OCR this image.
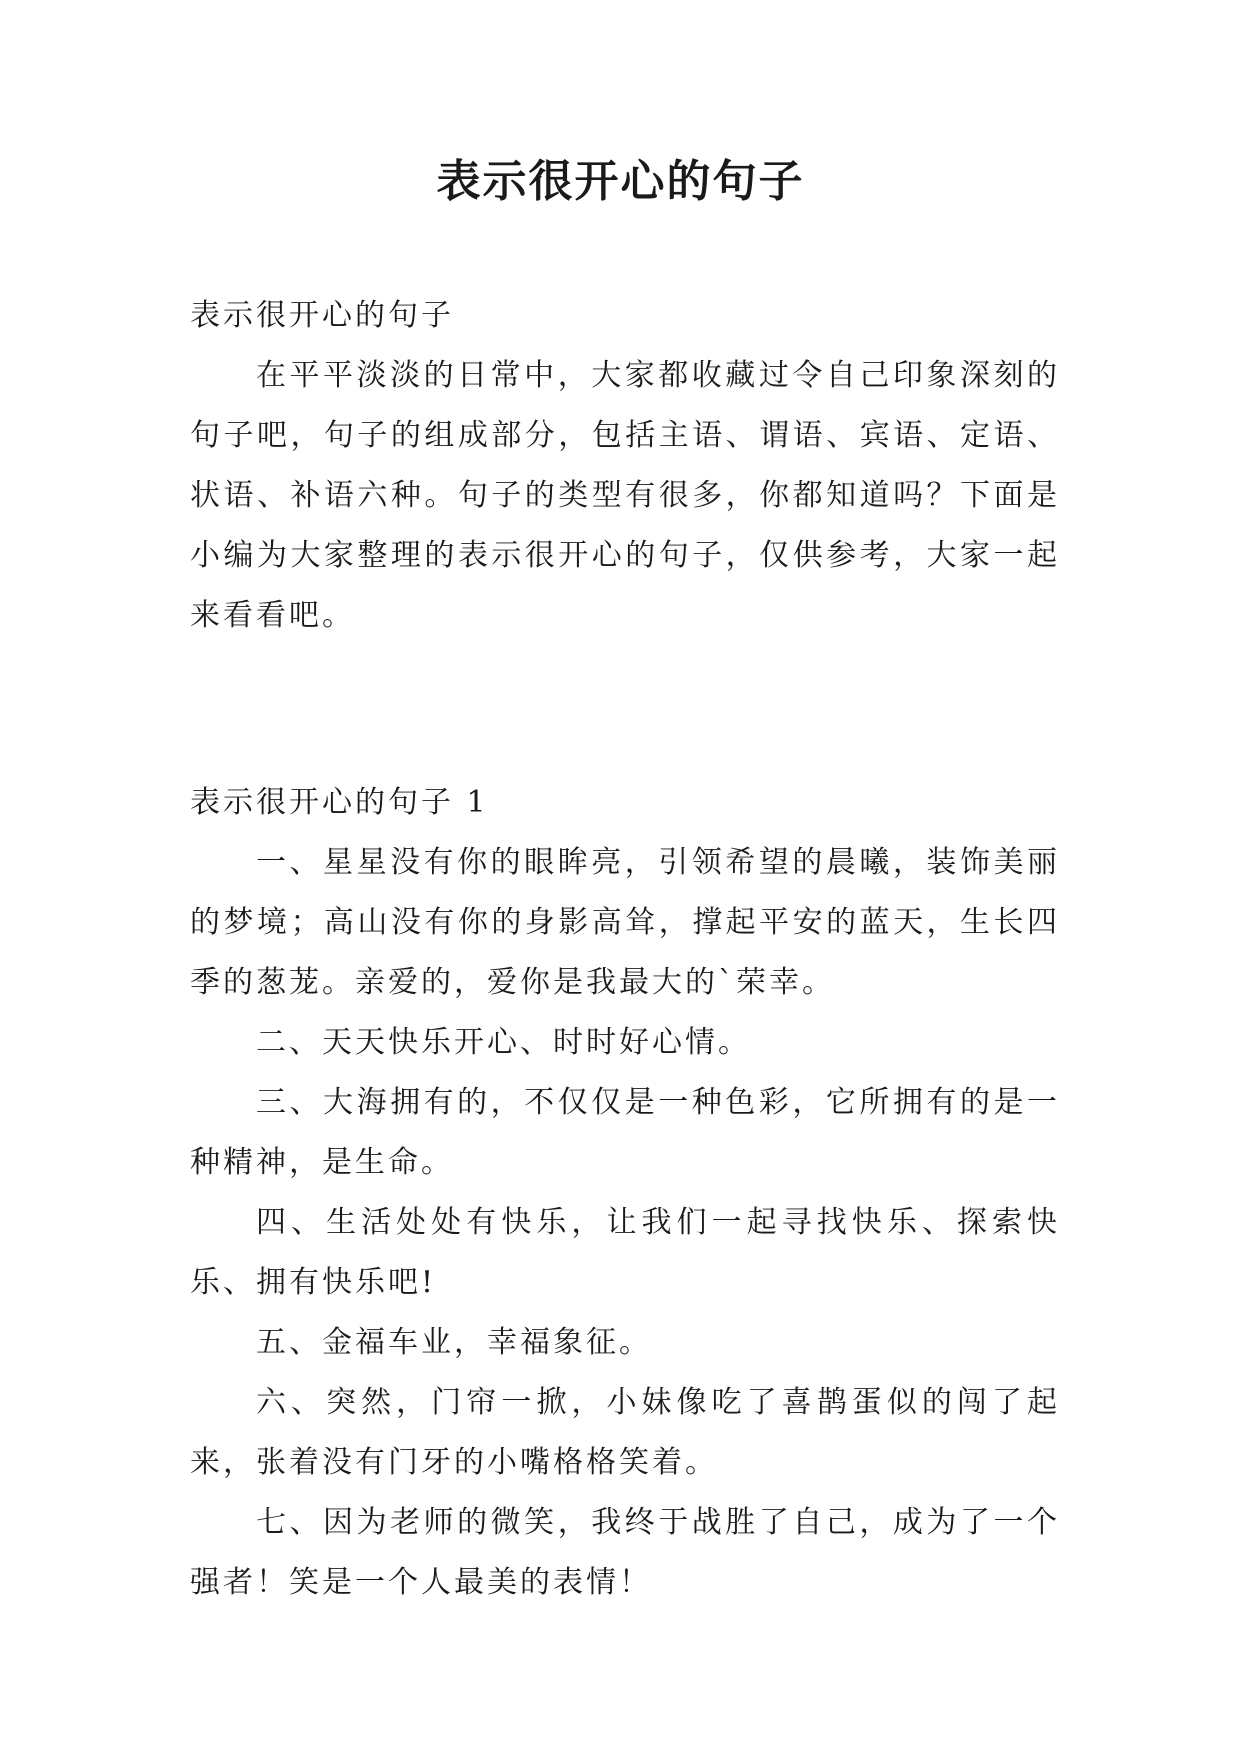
表示很开心的句子

表示很开心的句子

在平平淡淡的日常中，大家都收藏过令自己印象深刻的句子吧，句子的组成部分，包括主语、谓语、宾语、定语、状语、补语六种。句子的类型有很多，你都知道吗？下面是小编为大家整理的表示很开心的句子，仅供参考，大家一起来看看吧。

表示很开心的句子 1

一、星星没有你的眼眸亮，引领希望的晨曦，装饰美丽的梦境；高山没有你的身影高耸，撑起平安的蓝天，生长四季的葱茏。亲爱的，爱你是我最大的`荣幸。

二、天天快乐开心、时时好心情。

三、大海拥有的，不仅仅是一种色彩，它所拥有的是一种精神，是生命。

四、生活处处有快乐，让我们一起寻找快乐、探索快乐、拥有快乐吧!

五、金福车业，幸福象征。

六、突然，门帘一掀，小妹像吃了喜鹊蛋似的闯了起来，张着没有门牙的小嘴格格笑着。

七、因为老师的微笑，我终于战胜了自己，成为了一个强者！笑是一个人最美的表情！
